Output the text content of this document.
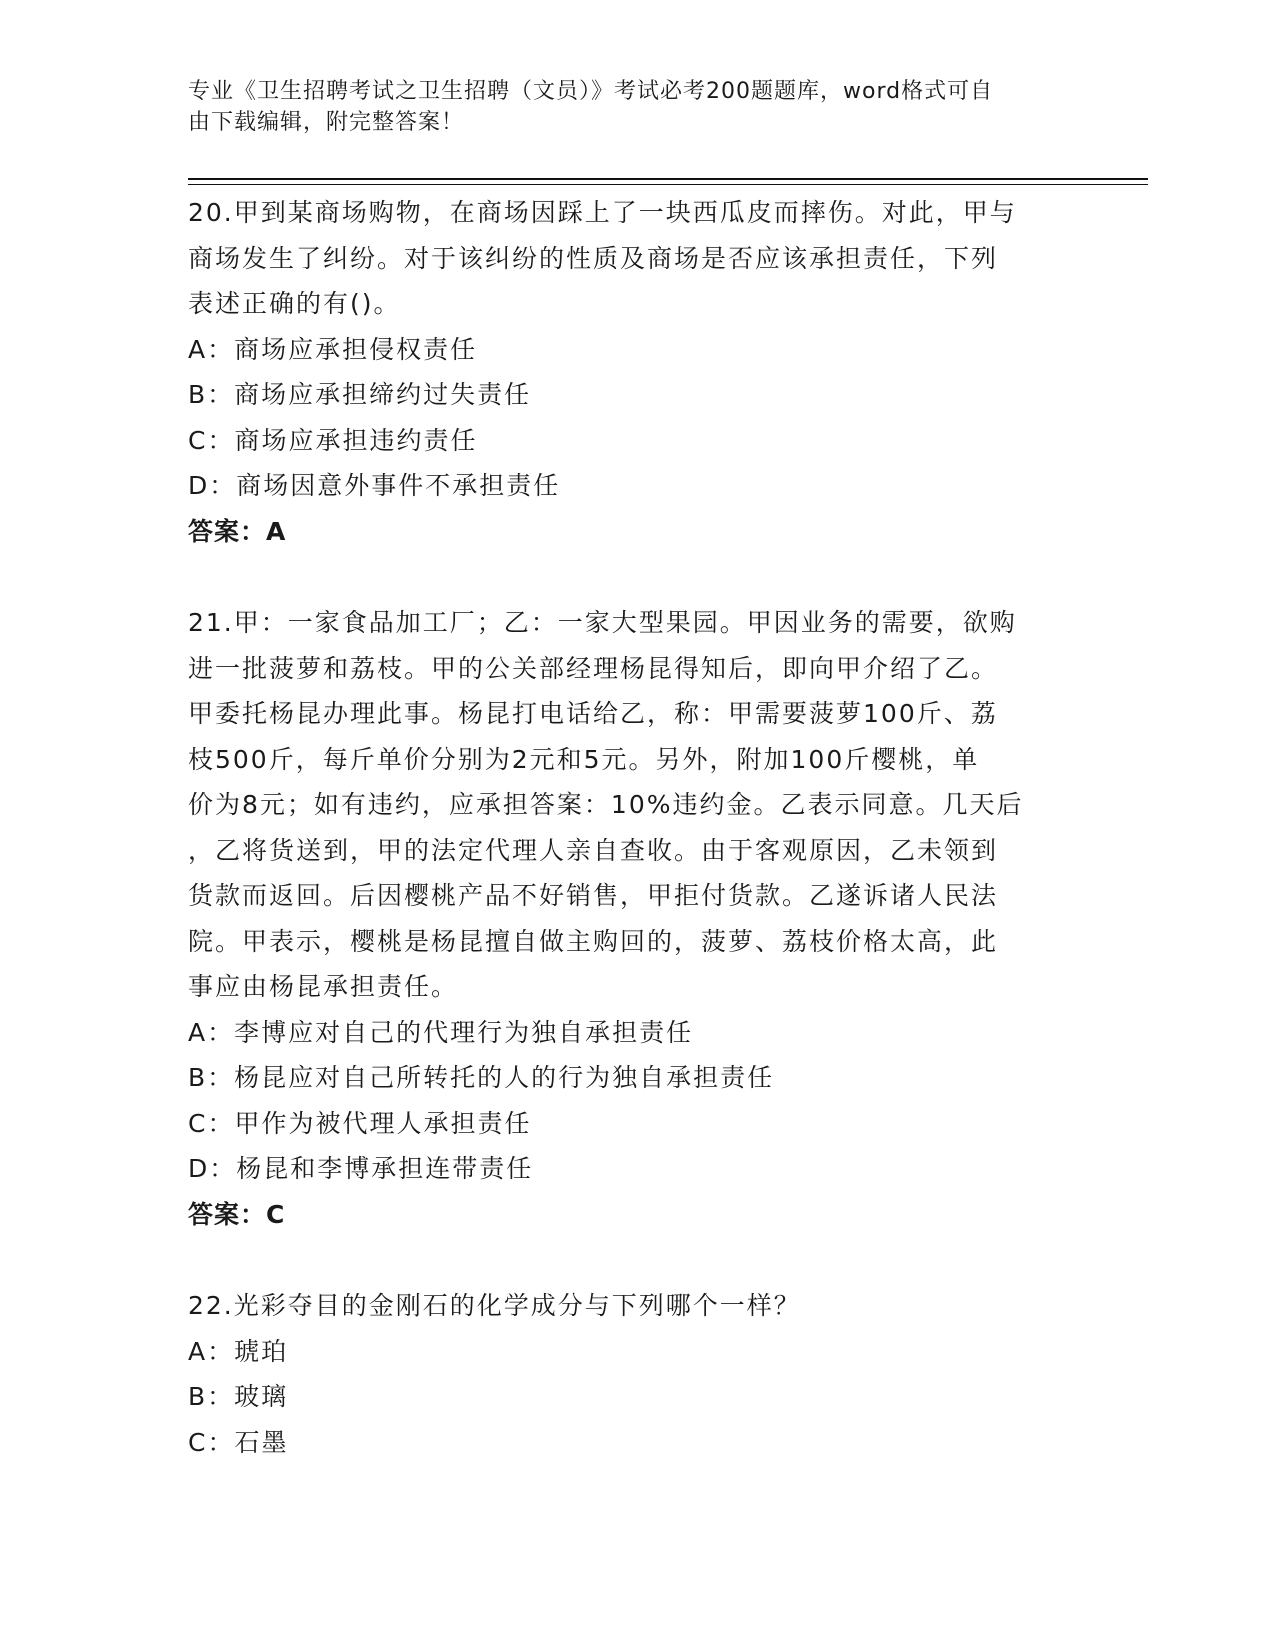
专业《卫生招聘考试之卫生招聘（文员）》考试必考200题题库，word格式可自
由下载编辑，附完整答案！

20.甲到某商场购物，在商场因踩上了一块西瓜皮而摔伤。对此，甲与

商场发生了纠纷。对于该纠纷的性质及商场是否应该承担责任，下列

表述正确的有()。

A：商场应承担侵权责任

B：商场应承担缔约过失责任

C：商场应承担违约责任

D：商场因意外事件不承担责任

答案：A

21.甲：一家食品加工厂；乙：一家大型果园。甲因业务的需要，欲购

进一批菠萝和荔枝。甲的公关部经理杨昆得知后，即向甲介绍了乙。

甲委托杨昆办理此事。杨昆打电话给乙，称：甲需要菠萝100斤、荔

枝500斤，每斤单价分别为2元和5元。另外，附加100斤樱桃，单

价为8元；如有违约，应承担答案：10%违约金。乙表示同意。几天后

，乙将货送到，甲的法定代理人亲自查收。由于客观原因，乙未领到

货款而返回。后因樱桃产品不好销售，甲拒付货款。乙遂诉诸人民法

院。甲表示，樱桃是杨昆擅自做主购回的，菠萝、荔枝价格太高，此

事应由杨昆承担责任。

A：李博应对自己的代理行为独自承担责任

B：杨昆应对自己所转托的人的行为独自承担责任

C：甲作为被代理人承担责任

D：杨昆和李博承担连带责任

答案：C

22.光彩夺目的金刚石的化学成分与下列哪个一样？

A：琥珀

B：玻璃

C：石墨
